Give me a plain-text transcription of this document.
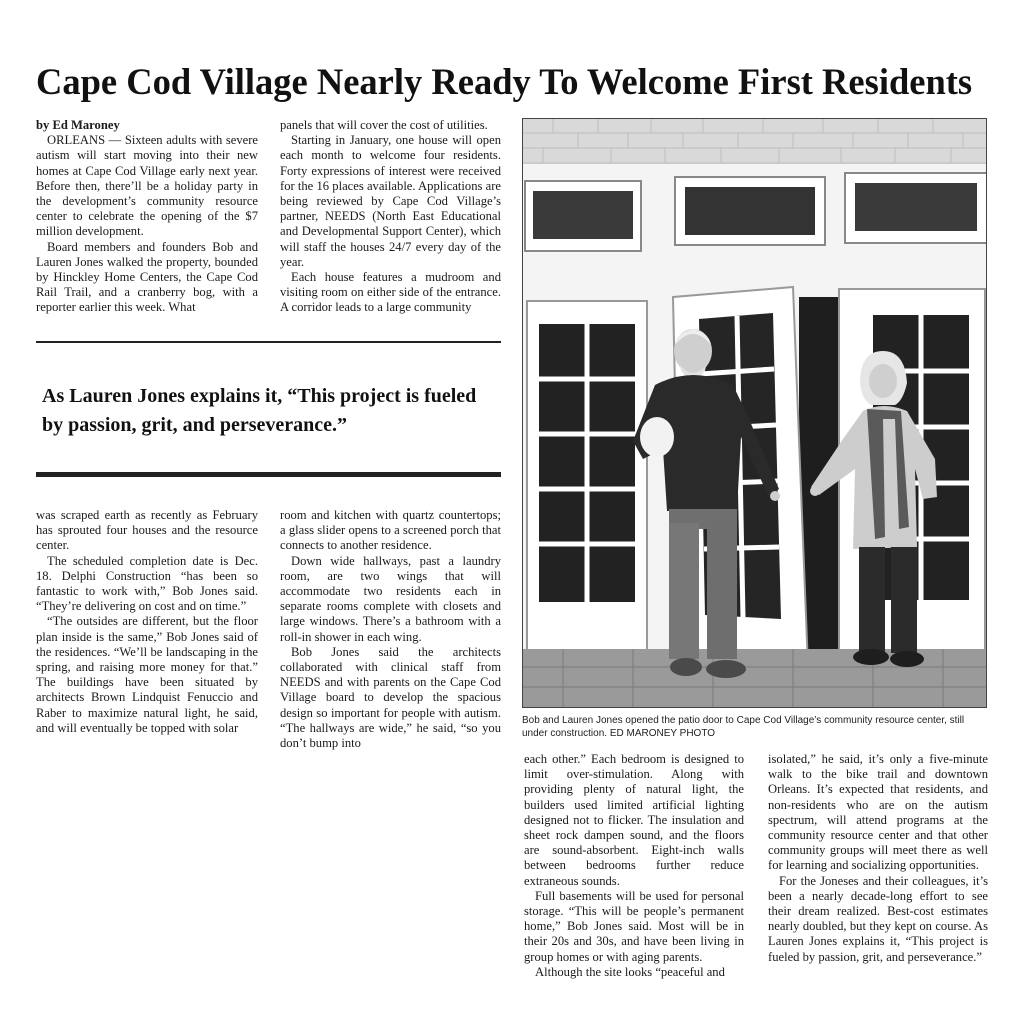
Cape Cod Village Nearly Ready To Welcome First Residents

by Ed Maroney

ORLEANS — Sixteen adults with severe autism will start moving into their new homes at Cape Cod Village early next year. Before then, there’ll be a holiday party in the development’s community resource center to celebrate the opening of the $7 million development.

Board members and founders Bob and Lauren Jones walked the property, bounded by Hinckley Home Centers, the Cape Cod Rail Trail, and a cranberry bog, with a reporter earlier this week. What

panels that will cover the cost of utilities.

Starting in January, one house will open each month to welcome four residents. Forty expressions of interest were received for the 16 places available. Applications are being reviewed by Cape Cod Village’s partner, NEEDS (North East Educational and Developmental Support Center), which will staff the houses 24/7 every day of the year.

Each house features a mudroom and visiting room on either side of the entrance. A corridor leads to a large community

As Lauren Jones explains it, “This project is fueled by passion, grit, and perseverance.”

was scraped earth as recently as February has sprouted four houses and the resource center.

The scheduled completion date is Dec. 18. Delphi Construction “has been so fantastic to work with,” Bob Jones said. “They’re delivering on cost and on time.”

“The outsides are different, but the floor plan inside is the same,” Bob Jones said of the residences. “We’ll be landscaping in the spring, and raising more money for that.” The buildings have been situated by architects Brown Lindquist Fenuccio and Raber to maximize natural light, he said, and will eventually be topped with solar

room and kitchen with quartz countertops; a glass slider opens to a screened porch that connects to another residence.

Down wide hallways, past a laundry room, are two wings that will accommodate two residents each in separate rooms complete with closets and large windows. There’s a bathroom with a roll-in shower in each wing.

Bob Jones said the architects collaborated with clinical staff from NEEDS and with parents on the Cape Cod Village board to develop the spacious design so important for people with autism. “The hallways are wide,” he said, “so you don’t bump into

Bob and Lauren Jones opened the patio door to Cape Cod Village’s community resource center, still under construction. ED MARONEY PHOTO

each other.” Each bedroom is designed to limit over-stimulation. Along with providing plenty of natural light, the builders used limited artificial lighting designed not to flicker. The insulation and sheet rock dampen sound, and the floors are sound-absorbent. Eight-inch walls between bedrooms further reduce extraneous sounds.

Full basements will be used for personal storage. “This will be people’s permanent home,” Bob Jones said. Most will be in their 20s and 30s, and have been living in group homes or with aging parents.

Although the site looks “peaceful and

isolated,” he said, it’s only a five-minute walk to the bike trail and downtown Orleans. It’s expected that residents, and non-residents who are on the autism spectrum, will attend programs at the community resource center and that other community groups will meet there as well for learning and socializing opportunities.

For the Joneses and their colleagues, it’s been a nearly decade-long effort to see their dream realized. Best-cost estimates nearly doubled, but they kept on course. As Lauren Jones explains it, “This project is fueled by passion, grit, and perseverance.”
